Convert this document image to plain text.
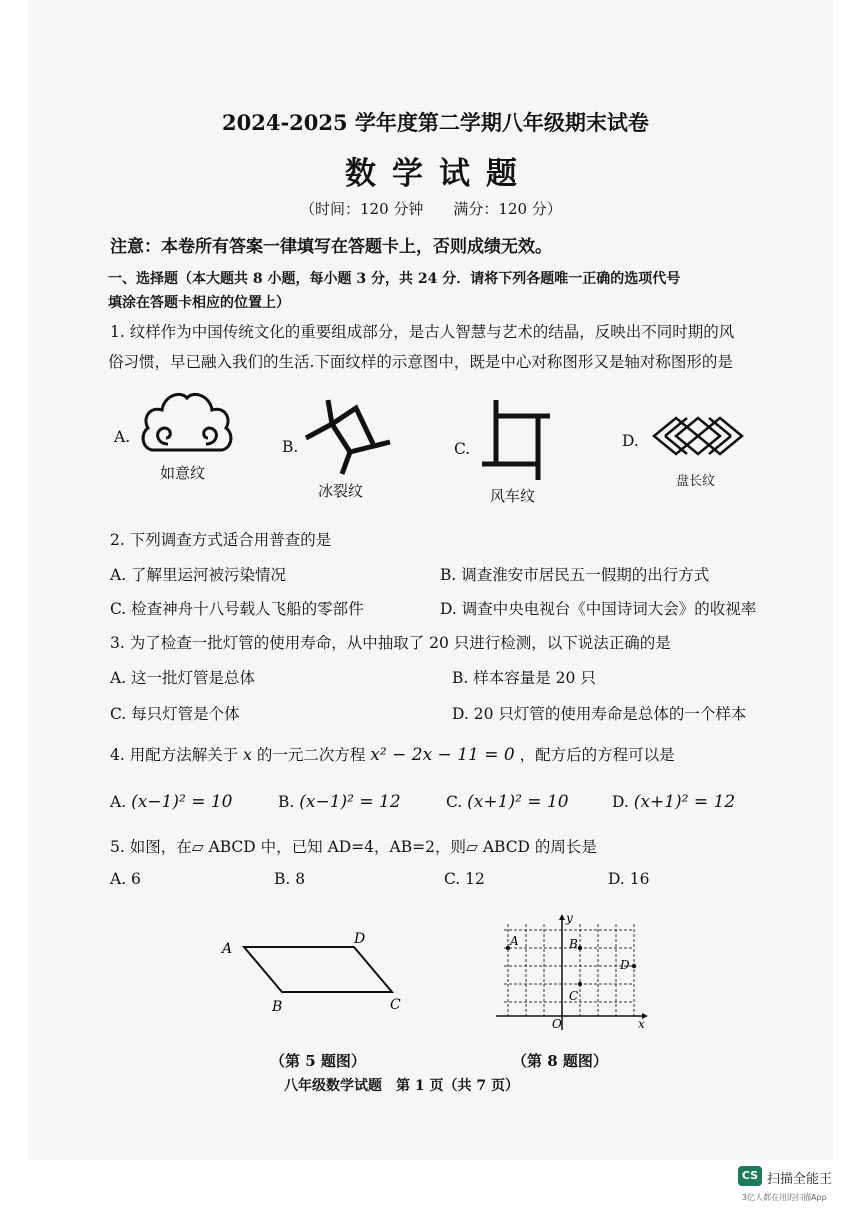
2024-2025 学年度第二学期八年级期末试卷
数学试题
（时间：120 分钟　　满分：120 分）
注意：本卷所有答案一律填写在答题卡上，否则成绩无效。
一、选择题（本大题共 8 小题，每小题 3 分，共 24 分．请将下列各题唯一正确的选项代号
填涂在答题卡相应的位置上）
1. 纹样作为中国传统文化的重要组成部分，是古人智慧与艺术的结晶，反映出不同时期的风
俗习惯，早已融入我们的生活.下面纹样的示意图中，既是中心对称图形又是轴对称图形的是
A.
如意纹
B.
冰裂纹
C.
风车纹
D.
盘长纹
2. 下列调查方式适合用普查的是
A. 了解里运河被污染情况	B. 调查淮安市居民五一假期的出行方式
C. 检查神舟十八号载人飞船的零部件	D. 调查中央电视台《中国诗词大会》的收视率
3. 为了检查一批灯管的使用寿命，从中抽取了 20 只进行检测，以下说法正确的是
A. 这一批灯管是总体	B. 样本容量是 20 只
C. 每只灯管是个体	D. 20 只灯管的使用寿命是总体的一个样本
4. 用配方法解关于 x 的一元二次方程 x² − 2x − 11 = 0 ，配方后的方程可以是
A. (x−1)² = 10	B. (x−1)² = 12	C. (x+1)² = 10	D. (x+1)² = 12
5. 如图，在▱ ABCD 中，已知 AD=4，AB=2，则▱ ABCD 的周长是
A. 6	B. 8	C. 12	D. 16
A
D
B	C
（第 5 题图）
y
x
O
A	B
C
D
（第 8 题图）
八年级数学试题　第 1 页（共 7 页）
CS 扫描全能王
3亿人都在用的扫描App
